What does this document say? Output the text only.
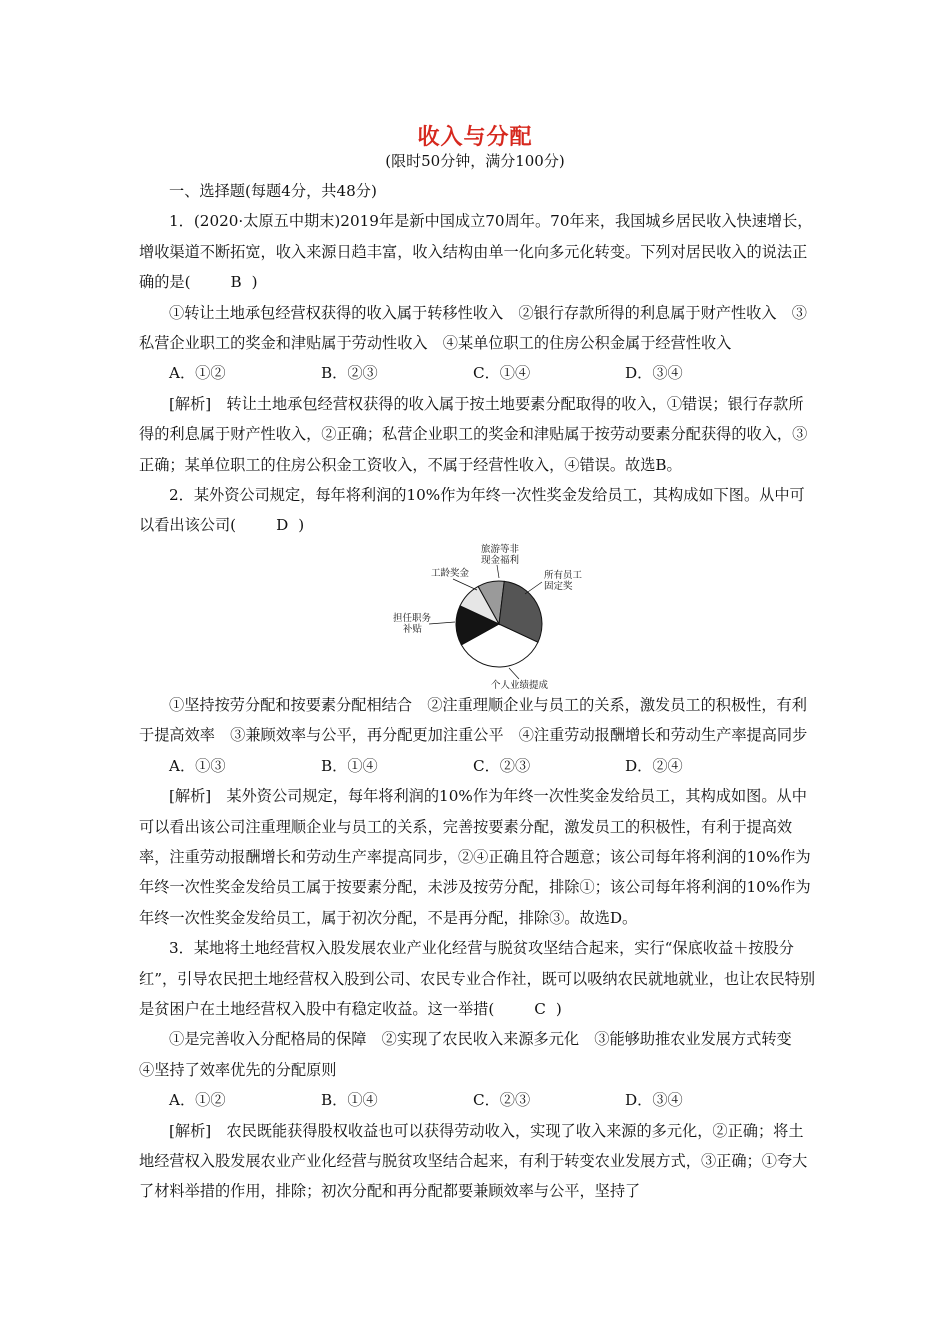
收入与分配
(限时50分钟，满分100分)

一、选择题(每题4分，共48分)

1．(2020·太原五中期末)2019年是新中国成立70周年。70年来，我国城乡居民收入快速增长，增收渠道不断拓宽，收入来源日趋丰富，收入结构由单一化向多元化转变。下列对居民收入的说法正确的是(	B )

①转让土地承包经营权获得的收入属于转移性收入　②银行存款所得的利息属于财产性收入　③私营企业职工的奖金和津贴属于劳动性收入　④某单位职工的住房公积金属于经营性收入

A．①②	B．②③	C．①④	D．③④

[解析]　转让土地承包经营权获得的收入属于按土地要素分配取得的收入，①错误；银行存款所得的利息属于财产性收入，②正确；私营企业职工的奖金和津贴属于按劳动要素分配获得的收入，③正确；某单位职工的住房公积金工资收入，不属于经营性收入，④错误。故选B。

2．某外资公司规定，每年将利润的10%作为年终一次性奖金发给员工，其构成如下图。从中可以看出该公司(	D )

旅游等非
现金福利
工龄奖金	所有员工
固定奖
担任职务
补贴
个人业绩提成

①坚持按劳分配和按要素分配相结合　②注重理顺企业与员工的关系，激发员工的积极性，有利于提高效率　③兼顾效率与公平，再分配更加注重公平　④注重劳动报酬增长和劳动生产率提高同步

A．①③	B．①④	C．②③	D．②④

[解析]　某外资公司规定，每年将利润的10%作为年终一次性奖金发给员工，其构成如图。从中可以看出该公司注重理顺企业与员工的关系，完善按要素分配，激发员工的积极性，有利于提高效率，注重劳动报酬增长和劳动生产率提高同步，②④正确且符合题意；该公司每年将利润的10%作为年终一次性奖金发给员工属于按要素分配，未涉及按劳分配，排除①；该公司每年将利润的10%作为年终一次性奖金发给员工，属于初次分配，不是再分配，排除③。故选D。

3．某地将土地经营权入股发展农业产业化经营与脱贫攻坚结合起来，实行“保底收益＋按股分红”，引导农民把土地经营权入股到公司、农民专业合作社，既可以吸纳农民就地就业，也让农民特别是贫困户在土地经营权入股中有稳定收益。这一举措(	C )

①是完善收入分配格局的保障　②实现了农民收入来源多元化　③能够助推农业发展方式转变　④坚持了效率优先的分配原则

A．①②	B．①④	C．②③	D．③④

[解析]　农民既能获得股权收益也可以获得劳动收入，实现了收入来源的多元化，②正确；将土地经营权入股发展农业产业化经营与脱贫攻坚结合起来，有利于转变农业发展方式，③正确；①夸大了材料举措的作用，排除；初次分配和再分配都要兼顾效率与公平，坚持了
